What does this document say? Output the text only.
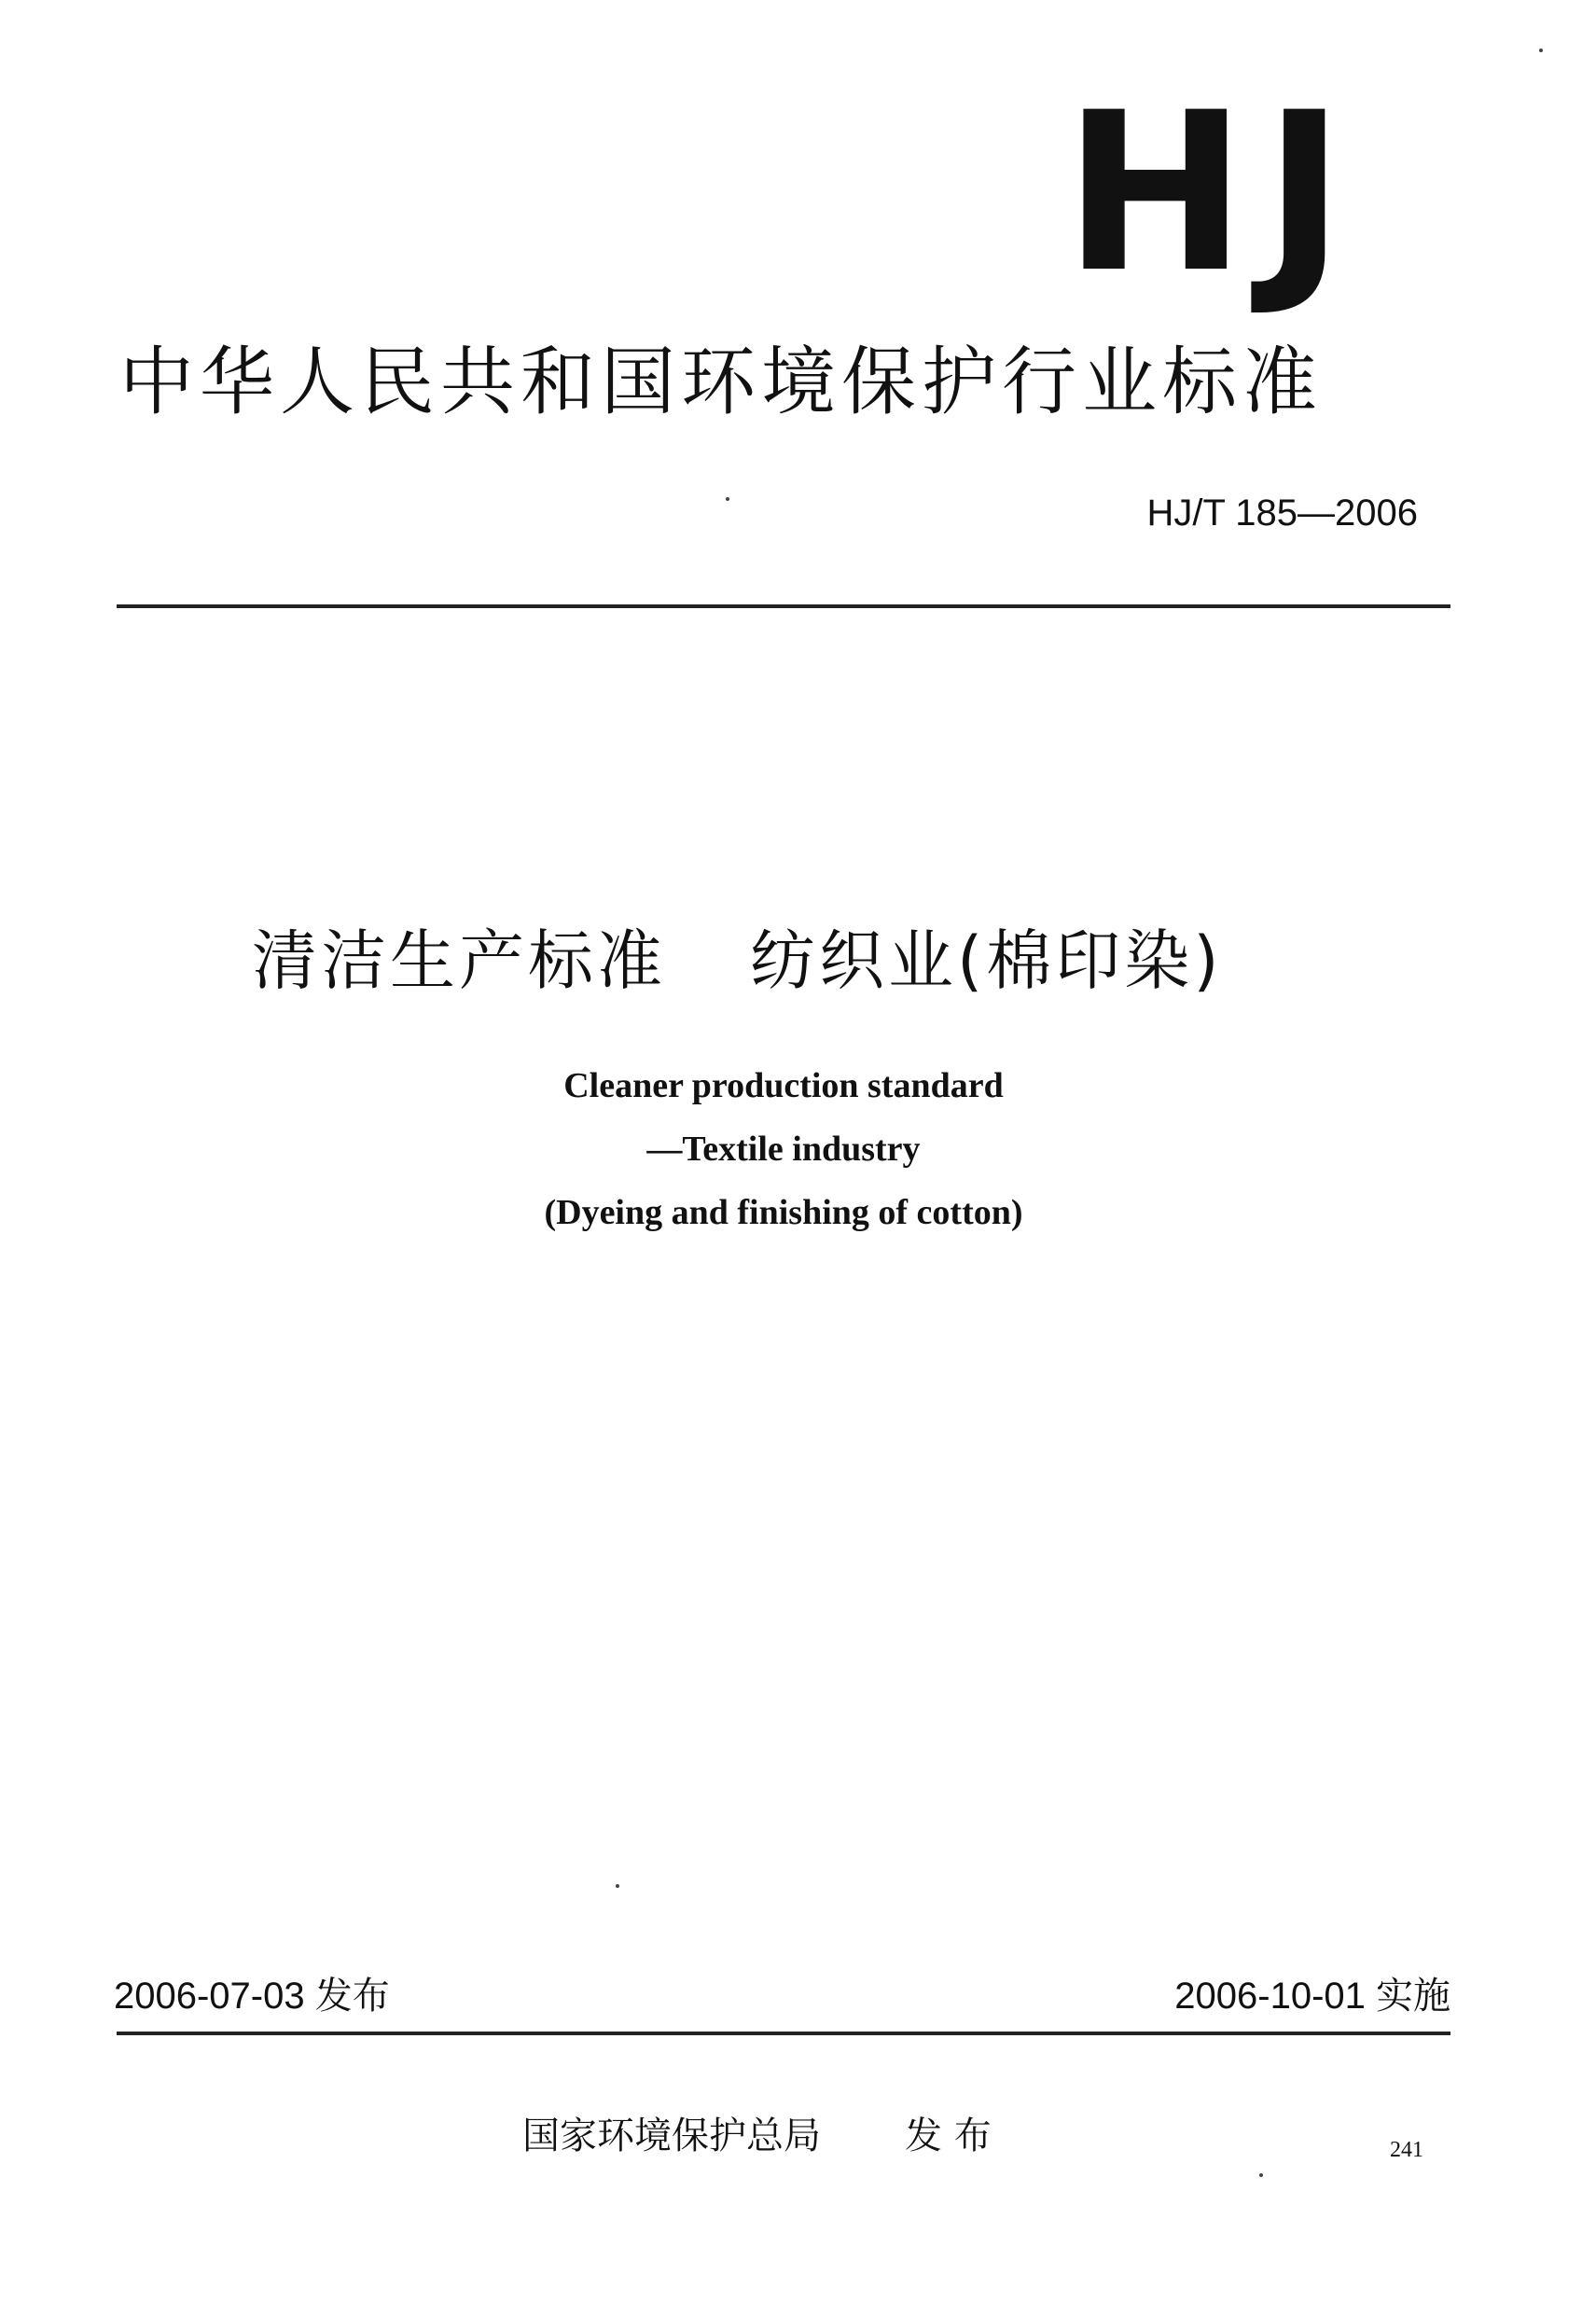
HJ
中华人民共和国环境保护行业标准
HJ/T 185—2006
清洁生产标准 纺织业(棉印染)
Cleaner production standard
—Textile industry
(Dyeing and finishing of cotton)
2006-07-03 发布	2006-10-01 实施
国家环境保护总局 发 布	241
